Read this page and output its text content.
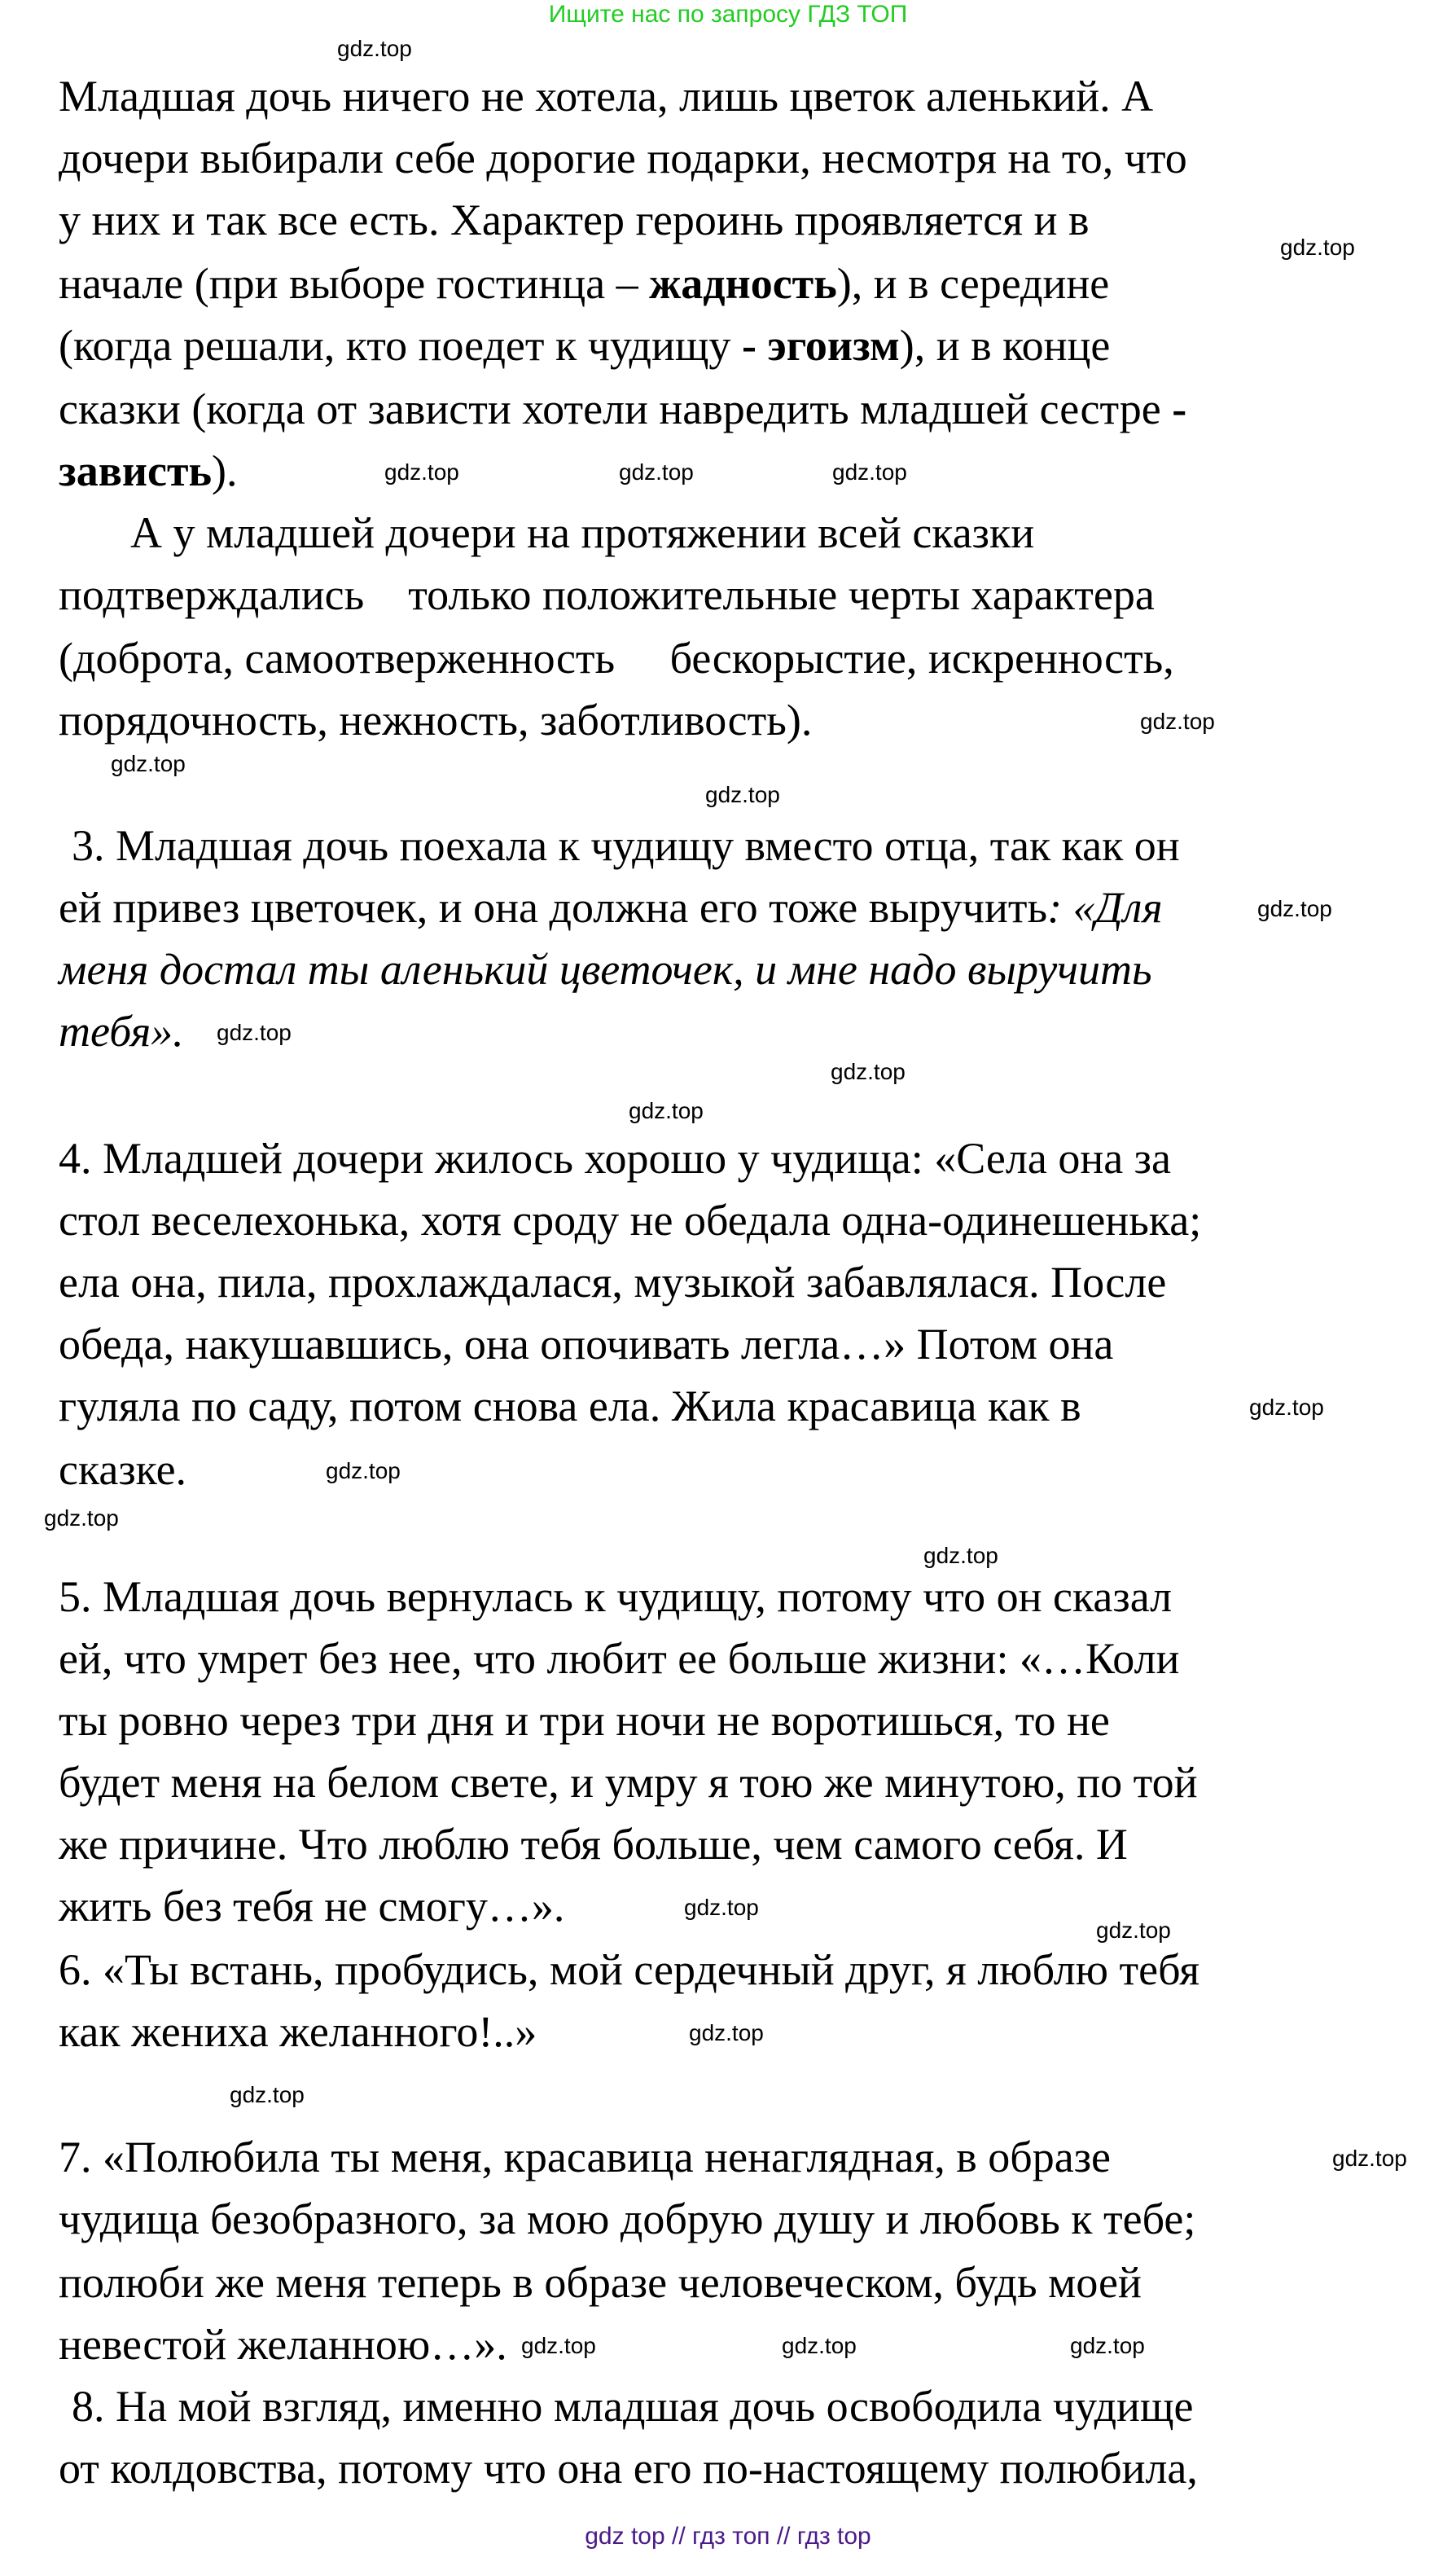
Ищите нас по запросу ГДЗ ТОП
Младшая дочь ничего не хотела, лишь цветок аленький. А
дочери выбирали себе дорогие подарки, несмотря на то, что
у них и так все есть. Характер героинь проявляется и в
начале (при выборе гостинца – жадность), и в середине
(когда решали, кто поедет к чудищу - эгоизм), и в конце
сказки (когда от зависти хотели навредить младшей сестре -
зависть).
А у младшей дочери на протяжении всей сказки
подтверждались    только положительные черты характера
(доброта, самоотверженность     бескорыстие, искренность,
порядочность, нежность, заботливость).
3. Младшая дочь поехала к чудищу вместо отца, так как он
ей привез цветочек, и она должна его тоже выручить: «Для
меня достал ты аленький цветочек, и мне надо выручить
тебя».
4. Младшей дочери жилось хорошо у чудища: «Села она за
стол веселехонька, хотя сроду не обедала одна-одинешенька;
ела она, пила, прохлаждалася, музыкой забавлялася. После
обеда, накушавшись, она опочивать легла…» Потом она
гуляла по саду, потом снова ела. Жила красавица как в
сказке.
5. Младшая дочь вернулась к чудищу, потому что он сказал
ей, что умрет без нее, что любит ее больше жизни: «…Коли
ты ровно через три дня и три ночи не воротишься, то не
будет меня на белом свете, и умру я тою же минутою, по той
же причине. Что люблю тебя больше, чем самого себя. И
жить без тебя не смогу…».
6. «Ты встань, пробудись, мой сердечный друг, я люблю тебя
как жениха желанного!..»
7. «Полюбила ты меня, красавица ненаглядная, в образе
чудища безобразного, за мою добрую душу и любовь к тебе;
полюби же меня теперь в образе человеческом, будь моей
невестой желанною…».
8. На мой взгляд, именно младшая дочь освободила чудище
от колдовства, потому что она его по-настоящему полюбила,
gdz.top
gdz.top
gdz.top
gdz.top
gdz.top
gdz.top
gdz.top
gdz.top
gdz.top
gdz.top
gdz.top
gdz.top
gdz.top
gdz.top
gdz.top
gdz.top
gdz.top
gdz.top
gdz.top
gdz.top
gdz.top
gdz.top
gdz.top	gdz.top
gdz top // гдз топ // гдз top
